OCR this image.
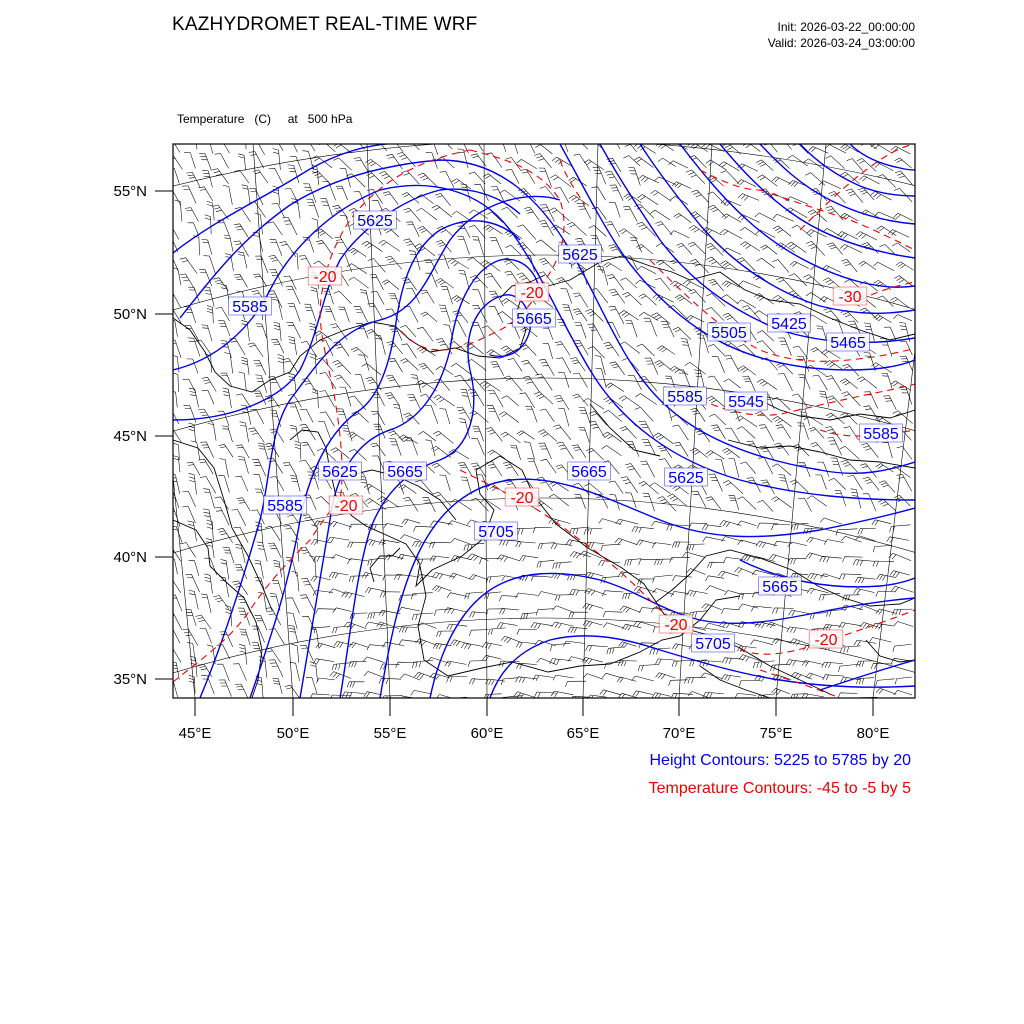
KAZHYDROMET REAL-TIME WRF	Init: 2026-03-22_00:00:00
Valid: 2026-03-24_03:00:00

Temperature   (C)     at   500 hPa

5625
5585
5625
5665
5505
5425
5465
5585 5545
5585
5625 5665	5665	5625
5585
5705
5665
5705
-20
-20	-30
-20	-20
-20
-20
55°N
50°N
45°N
40°N
35°N
45°E	50°E	55°E	60°E	65°E	70°E	75°E	80°E
Height Contours: 5225 to 5785 by 20
Temperature Contours: -45 to -5 by 5
